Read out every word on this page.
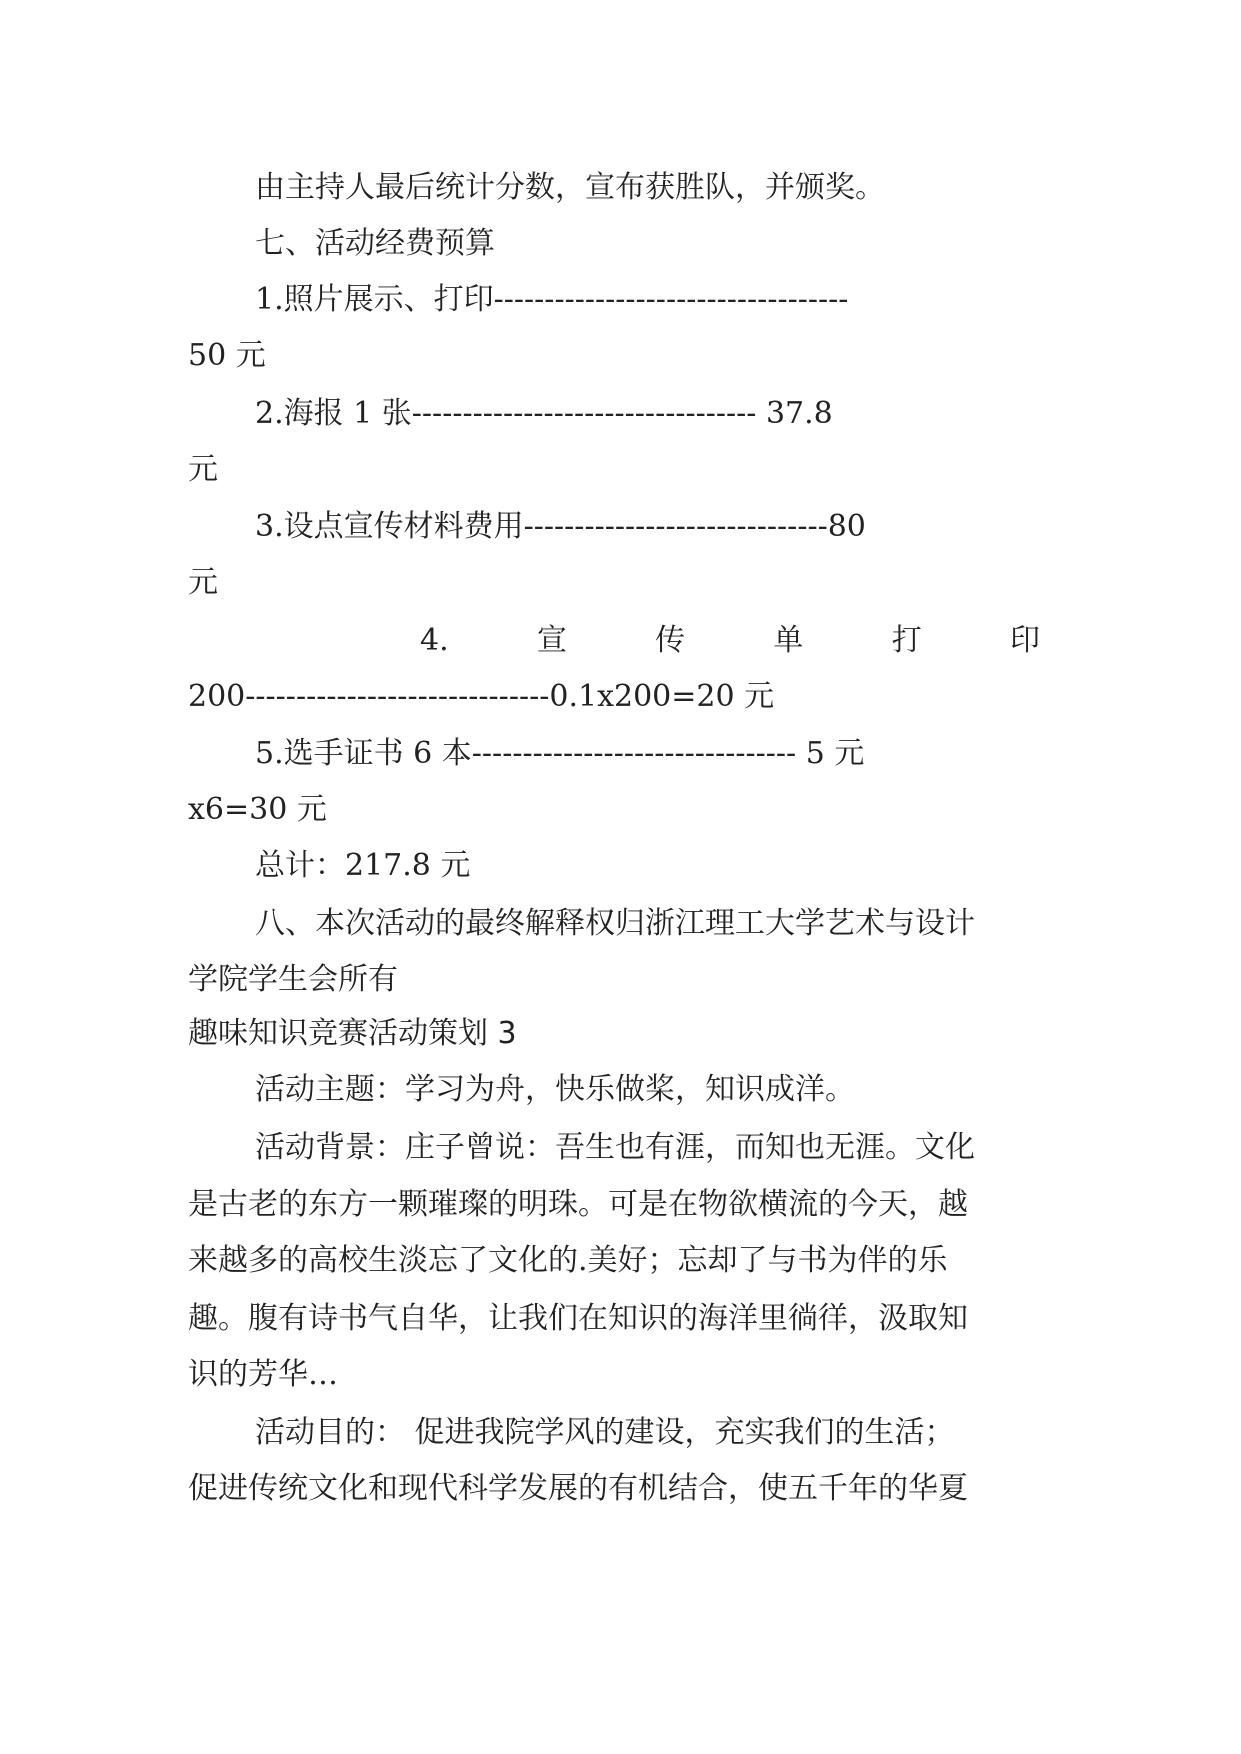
由主持人最后统计分数，宣布获胜队，并颁奖。
七、活动经费预算
1.照片展示、打印-----------------------------------
50 元
2.海报 1 张---------------------------------- 37.8
元
3.设点宣传材料费用------------------------------80
元
4.	宣	传	单	打	印
200------------------------------0.1x200=20 元
5.选手证书 6 本-------------------------------- 5 元
x6=30 元
总计：217.8 元
八、本次活动的最终解释权归浙江理工大学艺术与设计
学院学生会所有
趣味知识竞赛活动策划 3
活动主题：学习为舟，快乐做桨，知识成洋。
活动背景：庄子曾说：吾生也有涯，而知也无涯。文化
是古老的东方一颗璀璨的明珠。可是在物欲横流的今天，越
来越多的高校生淡忘了文化的.美好；忘却了与书为伴的乐
趣。腹有诗书气自华，让我们在知识的海洋里徜徉，汲取知
识的芳华…
活动目的： 促进我院学风的建设，充实我们的生活；
促进传统文化和现代科学发展的有机结合，使五千年的华夏
